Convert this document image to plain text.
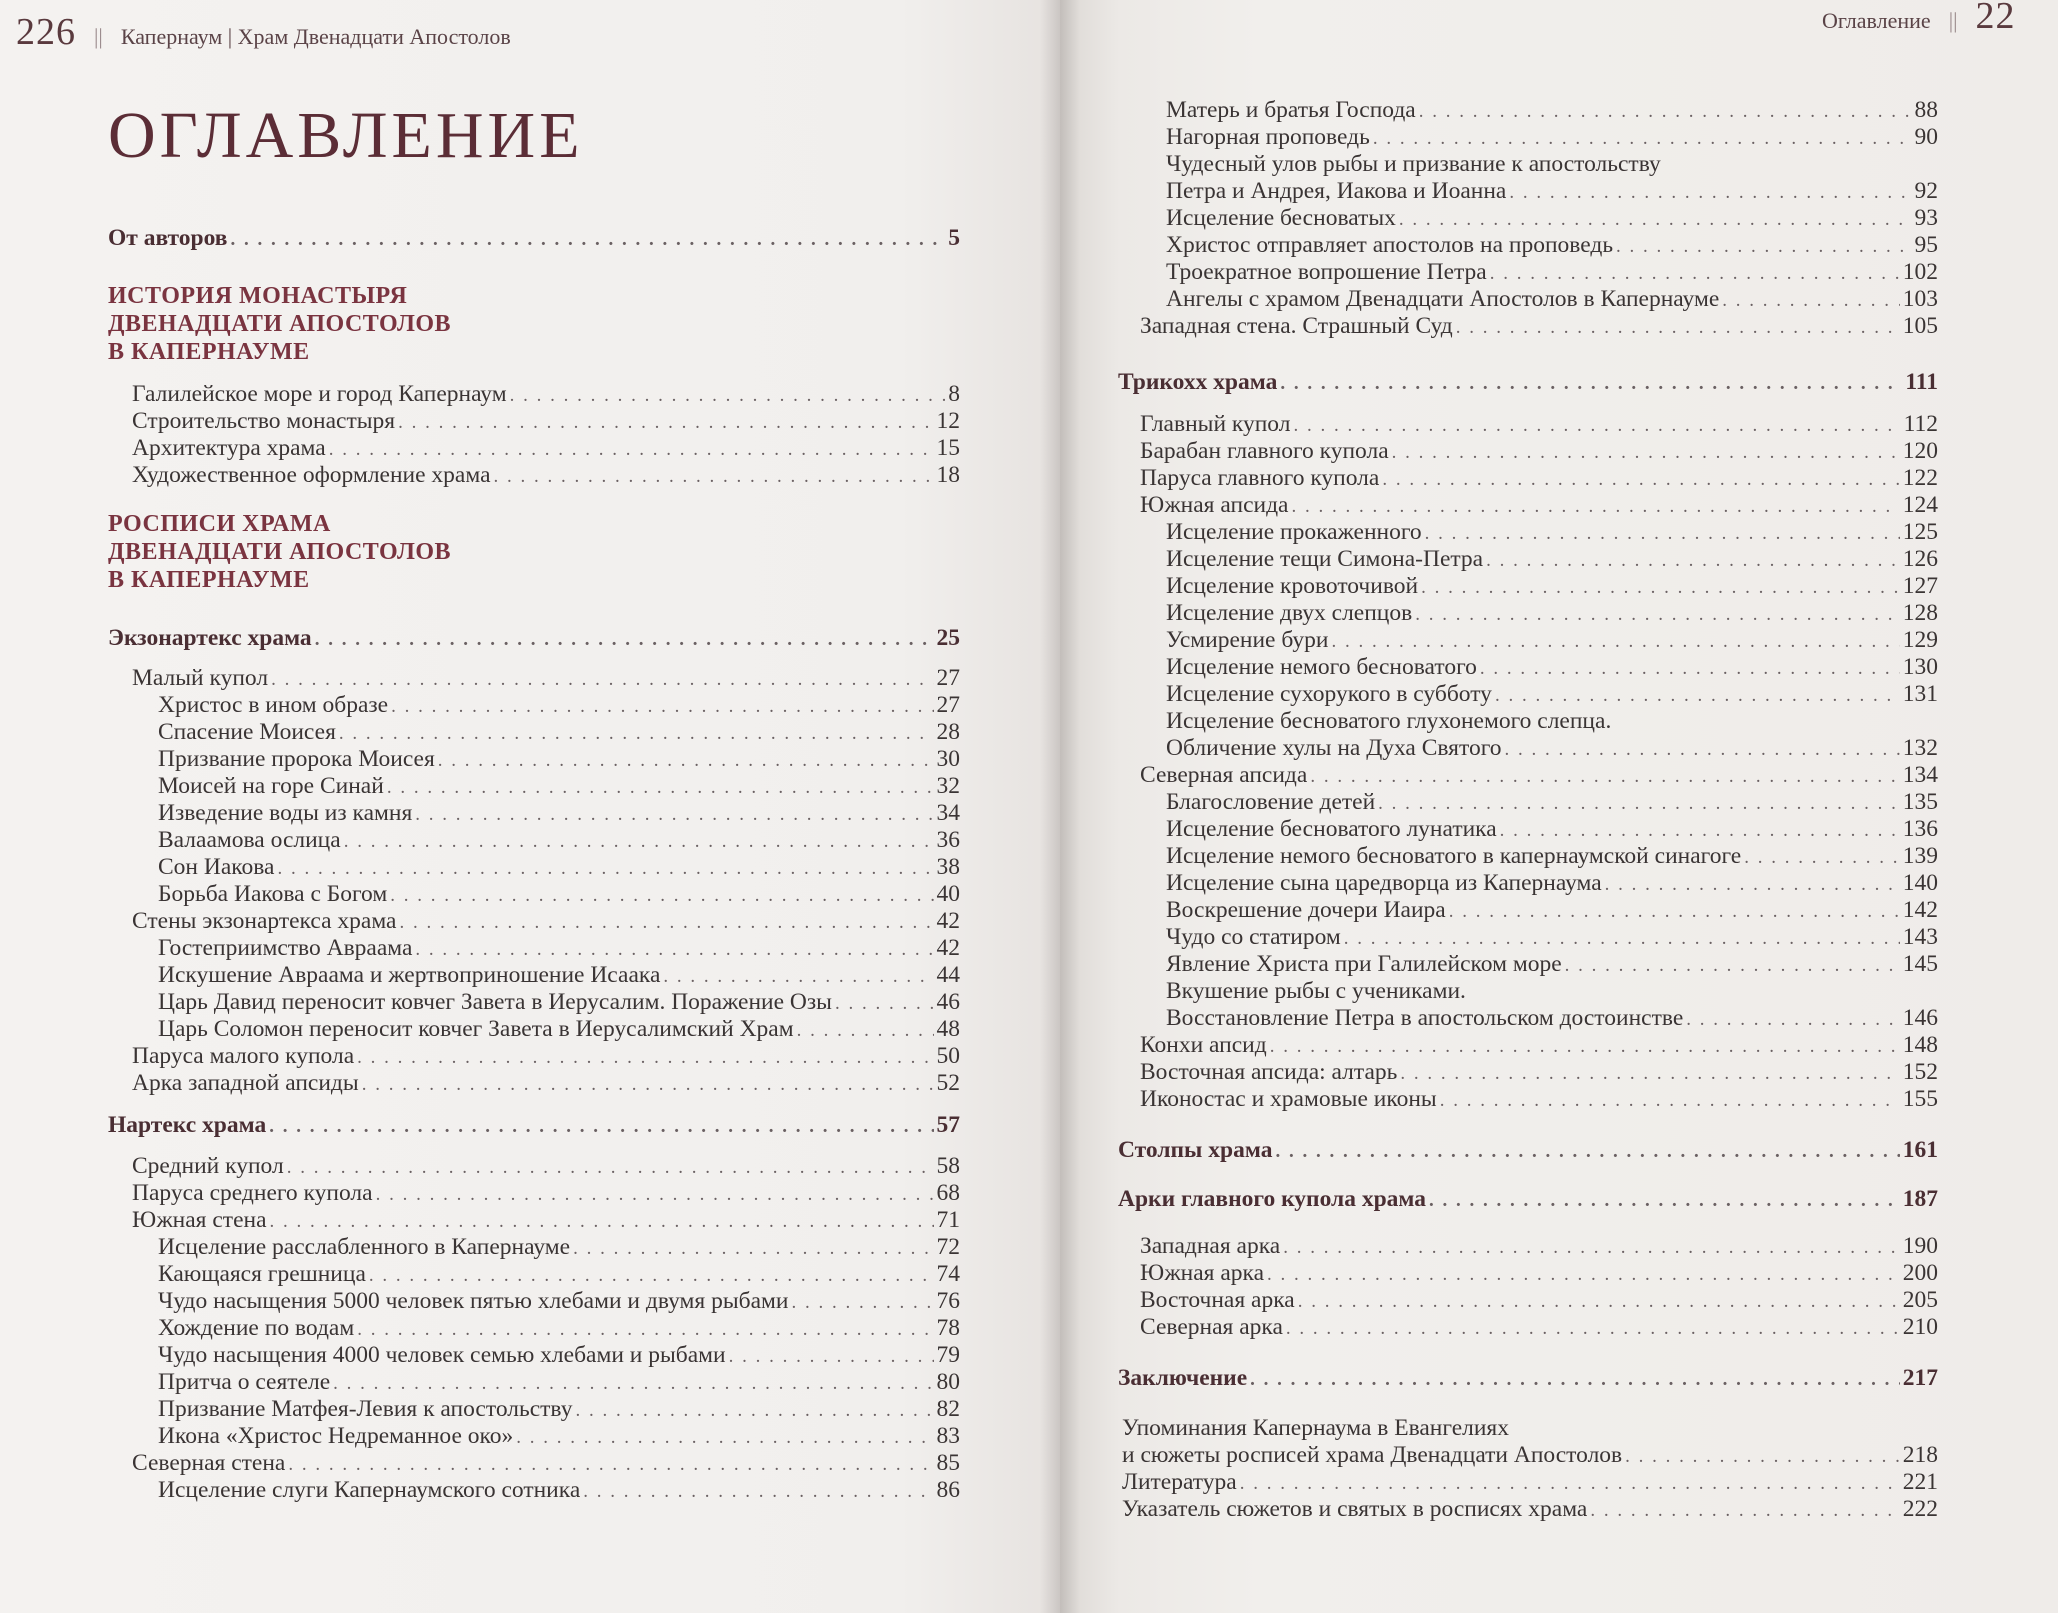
226 || Капернаум | Храм Двенадцати Апостолов
Оглавление || 22
ОГЛАВЛЕНИЕ
От авторов . . .	5
ИСТОРИЯ МОНАСТЫРЯ
ДВЕНАДЦАТИ АПОСТОЛОВ
В КАПЕРНАУМЕ
Галилейское море и город Капернаум . . .	8
Строительство монастыря . . .	12
Архитектура храма . . .	15
Художественное оформление храма . . .	18
РОСПИСИ ХРАМА
ДВЕНАДЦАТИ АПОСТОЛОВ
В КАПЕРНАУМЕ
Экзонартекс храма . . .	25
Малый купол . . .	27
Христос в ином образе . . .	27
Спасение Моисея . . .	28
Призвание пророка Моисея . . .	30
Моисей на горе Синай . . .	32
Изведение воды из камня . . .	34
Валаамова ослица . . .	36
Сон Иакова . . .	38
Борьба Иакова с Богом . . .	40
Стены экзонартекса храма . . .	42
Гостеприимство Авраама . . .	42
Искушение Авраама и жертвоприношение Исаака . . .	44
Царь Давид переносит ковчег Завета в Иерусалим. Поражение Озы . . .	46
Царь Соломон переносит ковчег Завета в Иерусалимский Храм . . .	48
Паруса малого купола . . .	50
Арка западной апсиды . . .	52
Нартекс храма . . .	57
Средний купол . . .	58
Паруса среднего купола . . .	68
Южная стена . . .	71
Исцеление расслабленного в Капернауме . . .	72
Кающаяся грешница . . .	74
Чудо насыщения 5000 человек пятью хлебами и двумя рыбами . . .	76
Хождение по водам . . .	78
Чудо насыщения 4000 человек семью хлебами и рыбами . . .	79
Притча о сеятеле . . .	80
Призвание Матфея-Левия к апостольству . . .	82
Икона «Христос Недреманное око» . . .	83
Северная стена . . .	85
Исцеление слуги Капернаумского сотника . . .	86
Матерь и братья Господа . . .	88
Нагорная проповедь . . .	90
Чудесный улов рыбы и призвание к апостольству
Петра и Андрея, Иакова и Иоанна . . .	92
Исцеление бесноватых . . .	93
Христос отправляет апостолов на проповедь . . .	95
Троекратное вопрошение Петра . . .	102
Ангелы с храмом Двенадцати Апостолов в Капернауме . . .	103
Западная стена. Страшный Суд . . .	105
Трикохх храма . . .	111
Главный купол . . .	112
Барабан главного купола . . .	120
Паруса главного купола . . .	122
Южная апсида . . .	124
Исцеление прокаженного . . .	125
Исцеление тещи Симона-Петра . . .	126
Исцеление кровоточивой . . .	127
Исцеление двух слепцов . . .	128
Усмирение бури . . .	129
Исцеление немого бесноватого . . .	130
Исцеление сухорукого в субботу . . .	131
Исцеление бесноватого глухонемого слепца.
Обличение хулы на Духа Святого . . .	132
Северная апсида . . .	134
Благословение детей . . .	135
Исцеление бесноватого лунатика . . .	136
Исцеление немого бесноватого в капернаумской синагоге . . .	139
Исцеление сына царедворца из Капернаума . . .	140
Воскрешение дочери Иаира . . .	142
Чудо со статиром . . .	143
Явление Христа при Галилейском море . . .	145
Вкушение рыбы с учениками.
Восстановление Петра в апостольском достоинстве . . .	146
Конхи апсид . . .	148
Восточная апсида: алтарь . . .	152
Иконостас и храмовые иконы . . .	155
Столпы храма . . .	161
Арки главного купола храма . . .	187
Западная арка . . .	190
Южная арка . . .	200
Восточная арка . . .	205
Северная арка . . .	210
Заключение . . .	217
Упоминания Капернаума в Евангелиях
и сюжеты росписей храма Двенадцати Апостолов . . .	218
Литература . . .	221
Указатель сюжетов и святых в росписях храма . . .	222
